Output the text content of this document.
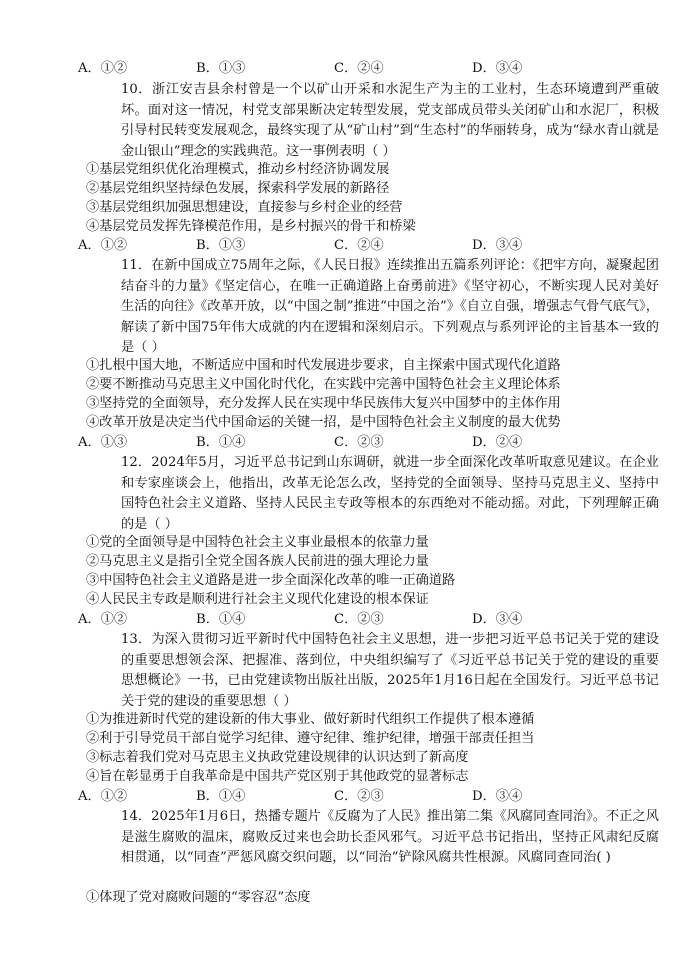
A．①②	B．①③	C．②④	D．③④
10．浙江安吉县余村曾是一个以矿山开采和水泥生产为主的工业村，生态环境遭到严重破坏。面对这一情况，村党支部果断决定转型发展，党支部成员带头关闭矿山和水泥厂，积极引导村民转变发展观念，最终实现了从“矿山村”到“生态村”的华丽转身，成为“绿水青山就是金山银山”理念的实践典范。这一事例表明（ ）
①基层党组织优化治理模式，推动乡村经济协调发展
②基层党组织坚持绿色发展，探索科学发展的新路径
③基层党组织加强思想建设，直接参与乡村企业的经营
④基层党员发挥先锋模范作用，是乡村振兴的骨干和桥梁
A．①②	B．①③	C．②④	D．③④
11．在新中国成立75周年之际，《人民日报》连续推出五篇系列评论：《把牢方向，凝聚起团结奋斗的力量》《坚定信心，在唯一正确道路上奋勇前进》《坚守初心，不断实现人民对美好生活的向往》《改革开放，以“中国之制”推进“中国之治”》《自立自强，增强志气骨气底气》，解读了新中国75年伟大成就的内在逻辑和深刻启示。下列观点与系列评论的主旨基本一致的是（ ）
①扎根中国大地，不断适应中国和时代发展进步要求，自主探索中国式现代化道路
②要不断推动马克思主义中国化时代化，在实践中完善中国特色社会主义理论体系
③坚持党的全面领导，充分发挥人民在实现中华民族伟大复兴中国梦中的主体作用
④改革开放是决定当代中国命运的关键一招，是中国特色社会主义制度的最大优势
A．①③	B．①④	C．②③	D．②④
12．2024年5月，习近平总书记到山东调研，就进一步全面深化改革听取意见建议。在企业和专家座谈会上，他指出，改革无论怎么改，坚持党的全面领导、坚持马克思主义、坚持中国特色社会主义道路、坚持人民民主专政等根本的东西绝对不能动摇。对此，下列理解正确的是（ ）
①党的全面领导是中国特色社会主义事业最根本的依靠力量
②马克思主义是指引全党全国各族人民前进的强大理论力量
③中国特色社会主义道路是进一步全面深化改革的唯一正确道路
④人民民主专政是顺利进行社会主义现代化建设的根本保证
A．①②	B．①④	C．②③	D．③④
13．为深入贯彻习近平新时代中国特色社会主义思想，进一步把习近平总书记关于党的建设的重要思想领会深、把握准、落到位，中央组织编写了《习近平总书记关于党的建设的重要思想概论》一书，已由党建读物出版社出版，2025年1月16日起在全国发行。习近平总书记关于党的建设的重要思想（ ）
①为推进新时代党的建设新的伟大事业、做好新时代组织工作提供了根本遵循
②利于引导党员干部自觉学习纪律、遵守纪律、维护纪律，增强干部责任担当
③标志着我们党对马克思主义执政党建设规律的认识达到了新高度
④旨在彰显勇于自我革命是中国共产党区别于其他政党的显著标志
A．①②	B．①④	C．②③	D．③④
14．2025年1月6日，热播专题片《反腐为了人民》推出第二集《风腐同查同治》。不正之风是滋生腐败的温床，腐败反过来也会助长歪风邪气。习近平总书记指出，坚持正风肃纪反腐相贯通，以“同查”严惩风腐交织问题，以“同治”铲除风腐共性根源。风腐同查同治( )
①体现了党对腐败问题的“零容忍”态度
